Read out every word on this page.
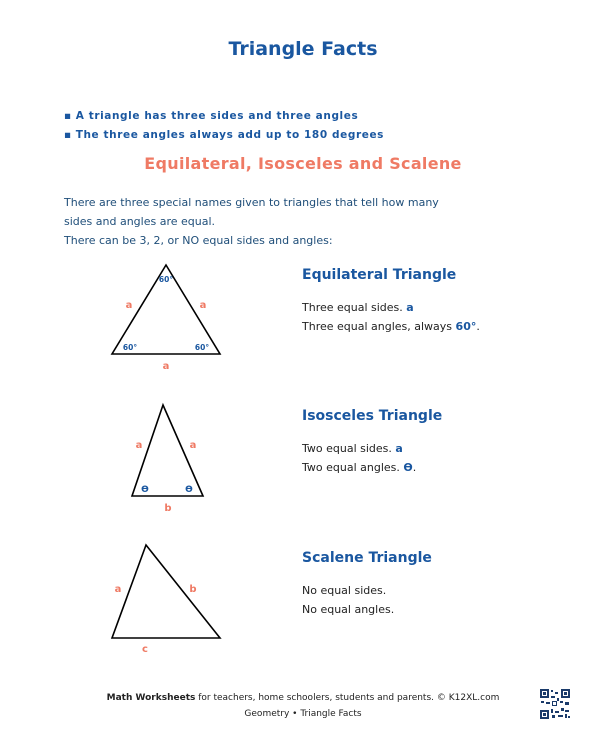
Triangle Facts
▪ A triangle has three sides and three angles
▪ The three angles always add up to 180 degrees
Equilateral, Isosceles and Scalene
There are three special names given to triangles that tell how many
sides and angles are equal.
There can be 3, 2, or NO equal sides and angles:
60°
60°	60°
a	a
a
Equilateral Triangle
Three equal sides. a
Three equal angles, always 60°.
ϴ	ϴ
a	a
b
Isosceles Triangle
Two equal sides. a
Two equal angles. ϴ.
a	b
c
Scalene Triangle
No equal sides.
No equal angles.
Math Worksheets for teachers, home schoolers, students and parents. © K12XL.com
Geometry • Triangle Facts
